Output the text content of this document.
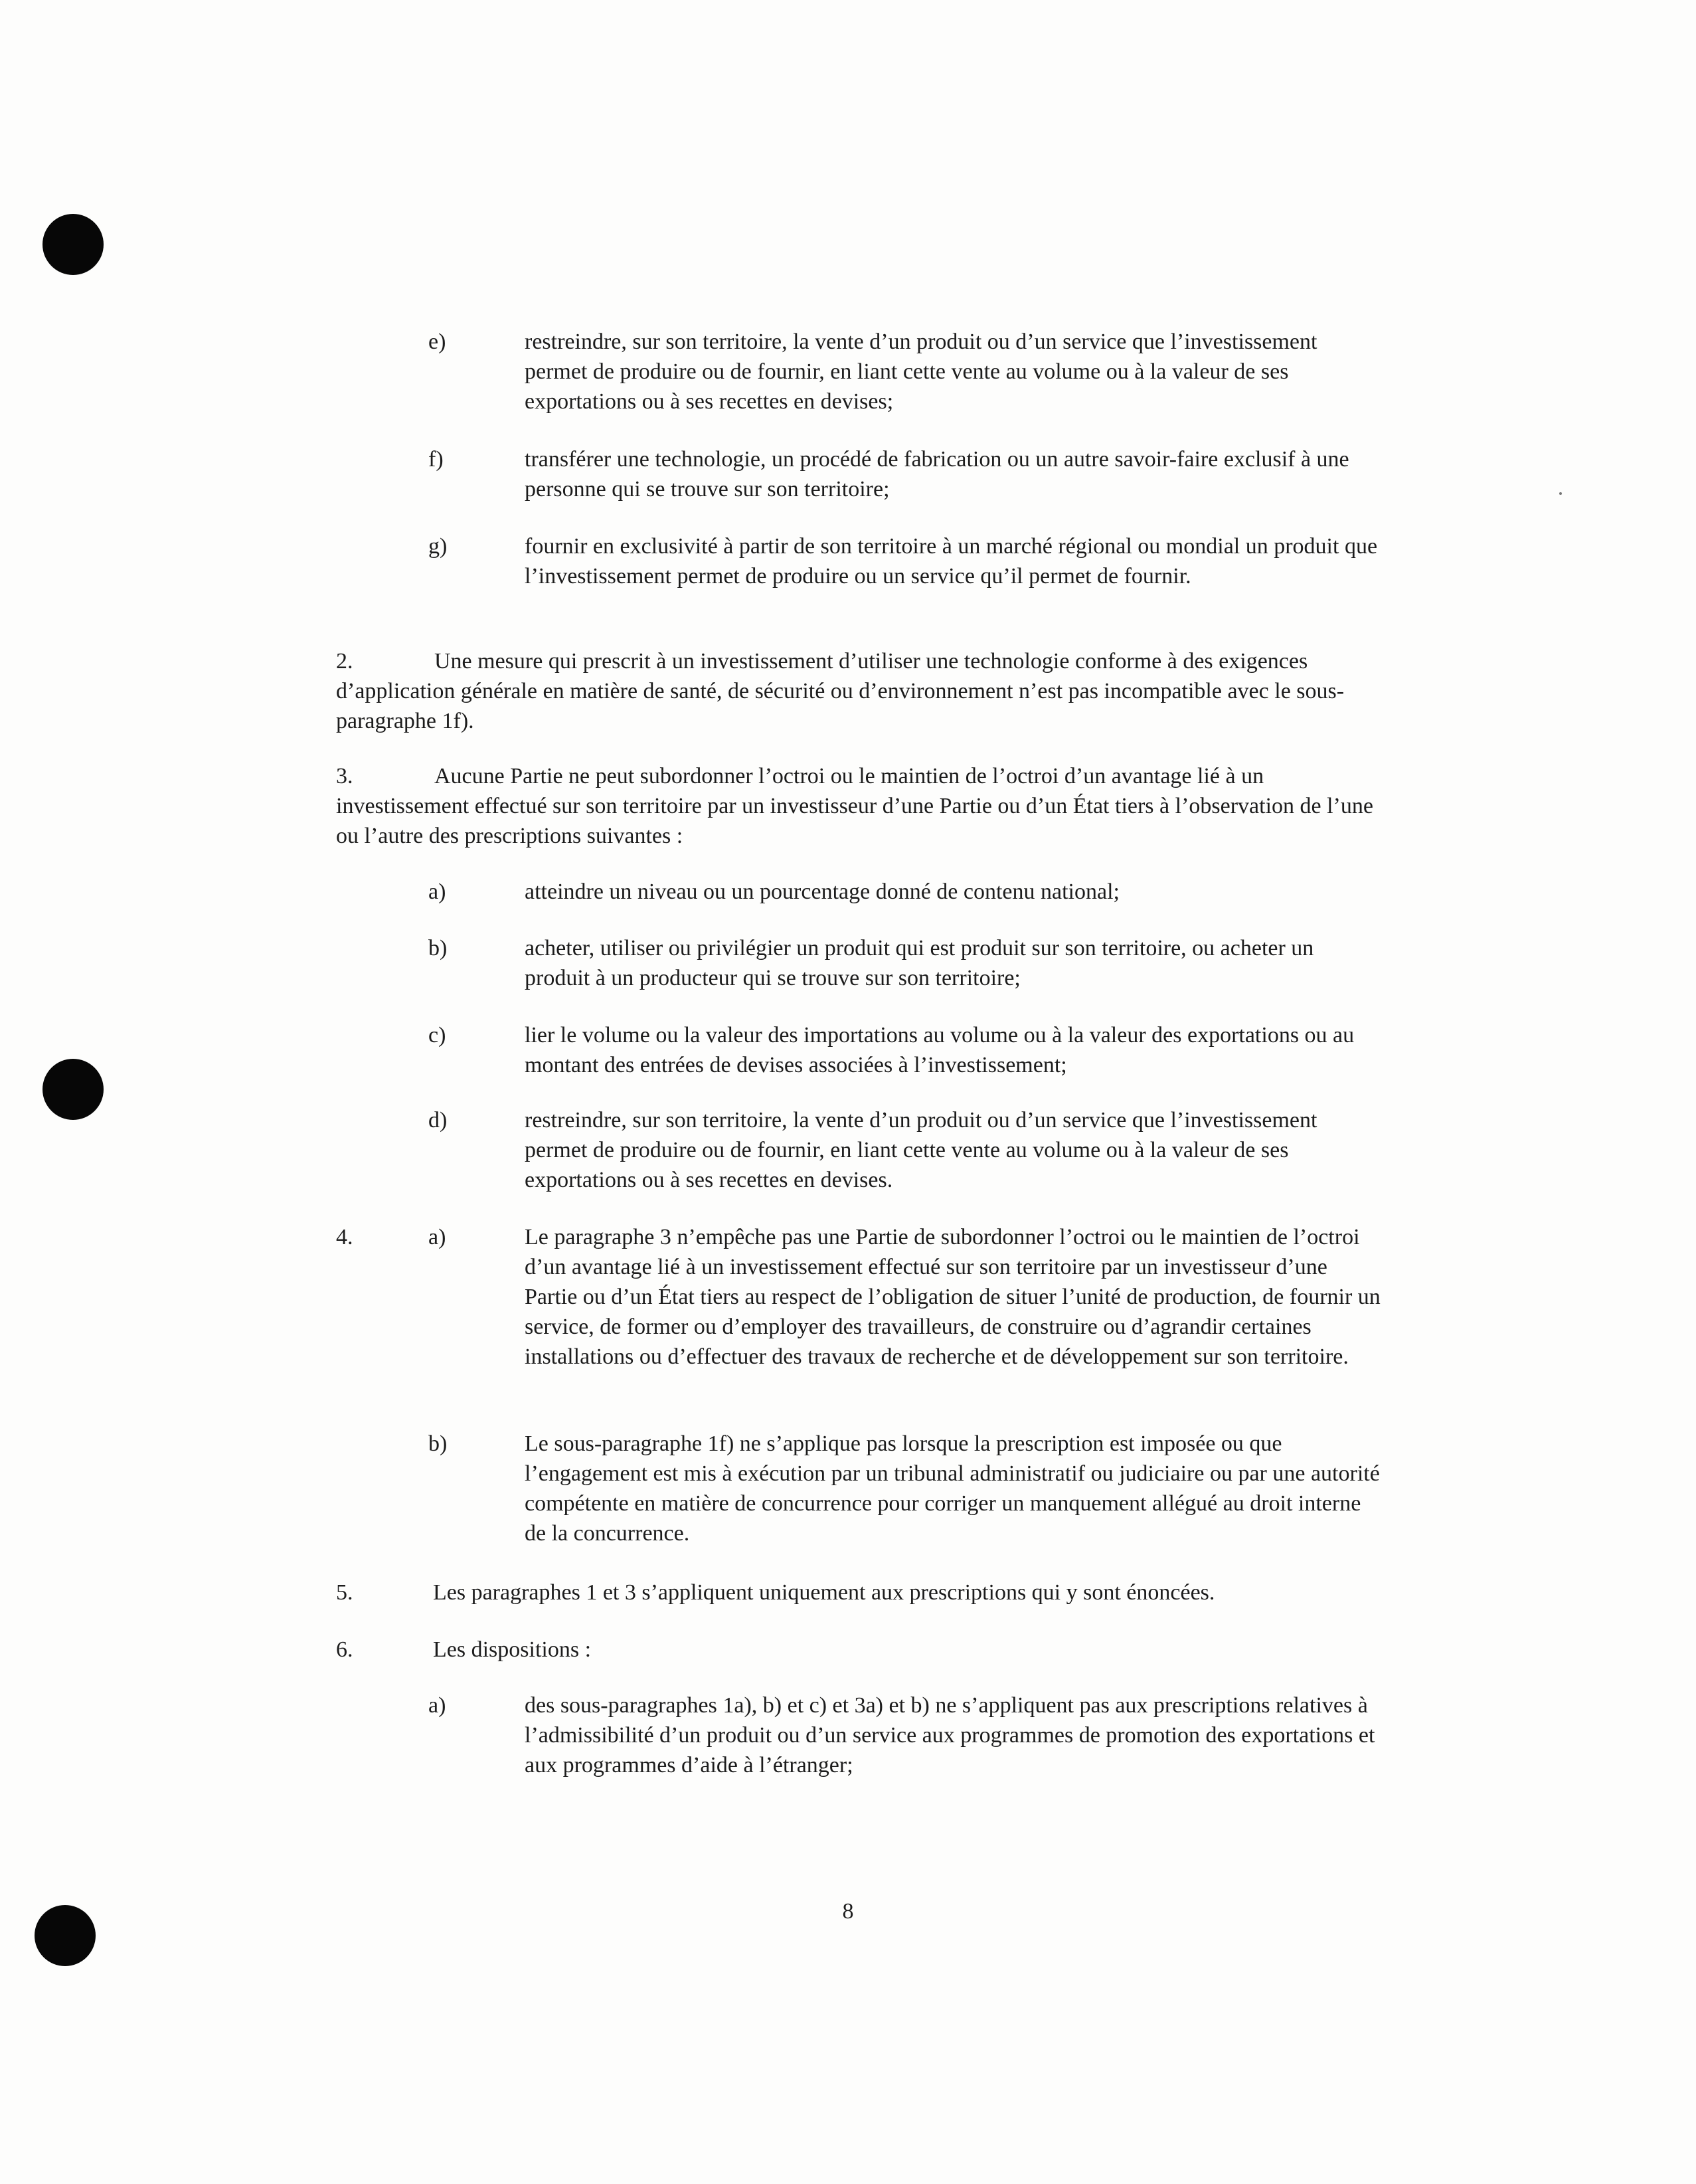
e)	restreindre, sur son territoire, la vente d’un produit ou d’un service que l’investissement permet de produire ou de fournir, en liant cette vente au volume ou à la valeur de ses exportations ou à ses recettes en devises;
f)	transférer une technologie, un procédé de fabrication ou un autre savoir-faire exclusif à une personne qui se trouve sur son territoire;
g)	fournir en exclusivité à partir de son territoire à un marché régional ou mondial un produit que l’investissement permet de produire ou un service qu’il permet de fournir.
2.	Une mesure qui prescrit à un investissement d’utiliser une technologie conforme à des exigences d’application générale en matière de santé, de sécurité ou d’environnement n’est pas incompatible avec le sous-paragraphe 1f).
3.	Aucune Partie ne peut subordonner l’octroi ou le maintien de l’octroi d’un avantage lié à un investissement effectué sur son territoire par un investisseur d’une Partie ou d’un État tiers à l’observation de l’une ou l’autre des prescriptions suivantes :
a)	atteindre un niveau ou un pourcentage donné de contenu national;
b)	acheter, utiliser ou privilégier un produit qui est produit sur son territoire, ou acheter un produit à un producteur qui se trouve sur son territoire;
c)	lier le volume ou la valeur des importations au volume ou à la valeur des exportations ou au montant des entrées de devises associées à l’investissement;
d)	restreindre, sur son territoire, la vente d’un produit ou d’un service que l’investissement permet de produire ou de fournir, en liant cette vente au volume ou à la valeur de ses exportations ou à ses recettes en devises.
4.	a)	Le paragraphe 3 n’empêche pas une Partie de subordonner l’octroi ou le maintien de l’octroi d’un avantage lié à un investissement effectué sur son territoire par un investisseur d’une Partie ou d’un État tiers au respect de l’obligation de situer l’unité de production, de fournir un service, de former ou d’employer des travailleurs, de construire ou d’agrandir certaines installations ou d’effectuer des travaux de recherche et de développement sur son territoire.
b)	Le sous-paragraphe 1f) ne s’applique pas lorsque la prescription est imposée ou que l’engagement est mis à exécution par un tribunal administratif ou judiciaire ou par une autorité compétente en matière de concurrence pour corriger un manquement allégué au droit interne de la concurrence.
5.	Les paragraphes 1 et 3 s’appliquent uniquement aux prescriptions qui y sont énoncées.
6.	Les dispositions :
a)	des sous-paragraphes 1a), b) et c) et 3a) et b) ne s’appliquent pas aux prescriptions relatives à l’admissibilité d’un produit ou d’un service aux programmes de promotion des exportations et aux programmes d’aide à l’étranger;
8
